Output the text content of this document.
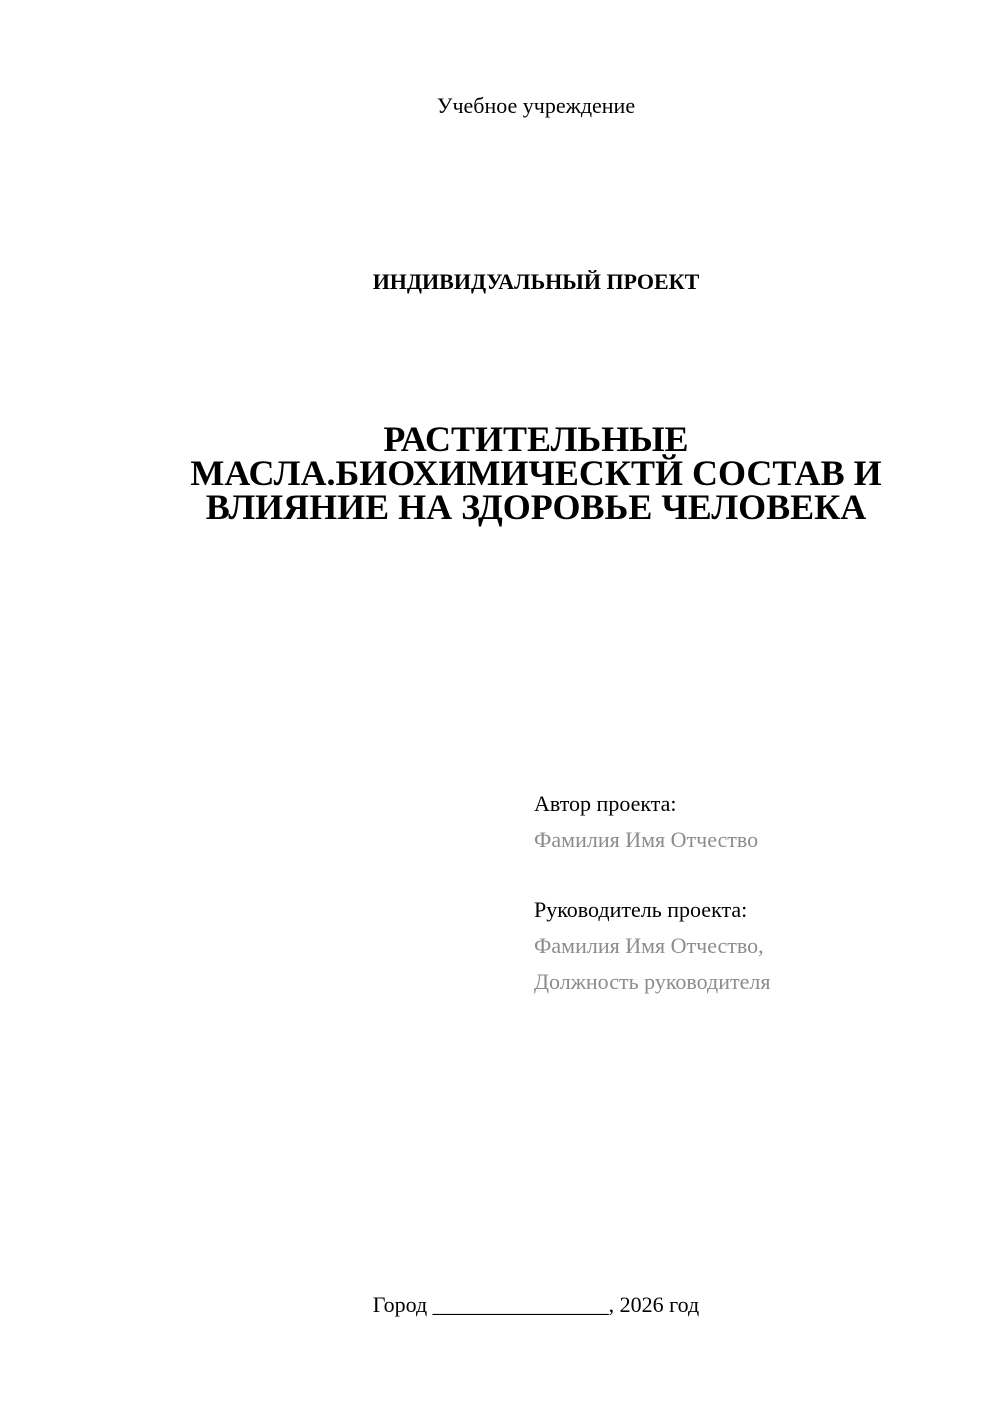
Учебное учреждение
ИНДИВИДУАЛЬНЫЙ ПРОЕКТ
РАСТИТЕЛЬНЫЕ
МАСЛА.БИОХИМИЧЕСКТЙ СОСТАВ И
ВЛИЯНИЕ НА ЗДОРОВЬЕ ЧЕЛОВЕКА
Автор проекта:
Фамилия Имя Отчество
Руководитель проекта:
Фамилия Имя Отчество,
Должность руководителя
Город ________________, 2026 год
